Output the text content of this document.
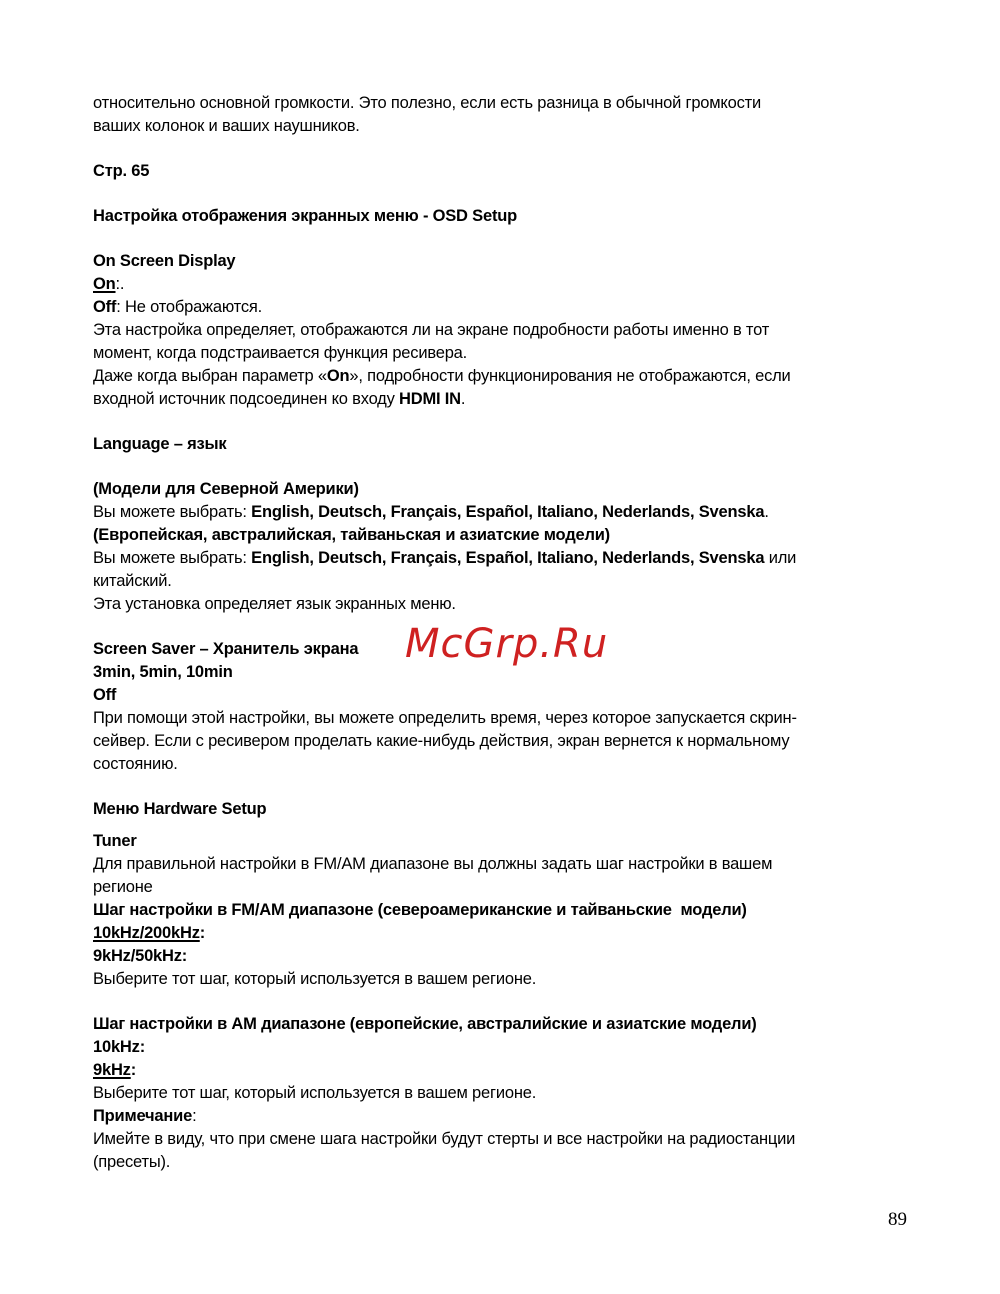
относительно основной громкости. Это полезно, если есть разница в обычной громкости
ваших колонок и ваших наушников.
Стр. 65
Настройка отображения экранных меню - OSD Setup
On Screen Display
On:.
Off: Не отображаются.
Эта настройка определяет, отображаются ли на экране подробности работы именно в тот
момент, когда подстраивается функция ресивера.
Даже когда выбран параметр «On», подробности функционирования не отображаются, если
входной источник подсоединен ко входу HDMI IN.
Language – язык
(Модели для Северной Америки)
Вы можете выбрать: English, Deutsch, Français, Español, Italiano, Nederlands, Svenska.
(Европейская, австралийская, тайваньская и азиатские модели)
Вы можете выбрать: English, Deutsch, Français, Español, Italiano, Nederlands, Svenska или
китайский.
Эта установка определяет язык экранных меню.
Screen Saver – Хранитель экрана McGrp.Ru
3min, 5min, 10min
Off
При помощи этой настройки, вы можете определить время, через которое запускается скрин-
сейвер. Если с ресивером проделать какие-нибудь действия, экран вернется к нормальному
состоянию.
Меню Hardware Setup
Tuner
Для правильной настройки в FM/AM диапазоне вы должны задать шаг настройки в вашем
регионе
Шаг настройки в FM/AM диапазоне (североамериканские и тайваньские  модели)
10kHz/200kHz:
9kHz/50kHz:
Выберите тот шаг, который используется в вашем регионе.
Шаг настройки в АМ диапазоне (европейские, австралийские и азиатские модели)
10kHz:
9kHz:
Выберите тот шаг, который используется в вашем регионе.
Примечание:
Имейте в виду, что при смене шага настройки будут стерты и все настройки на радиостанции
(пресеты).
89
